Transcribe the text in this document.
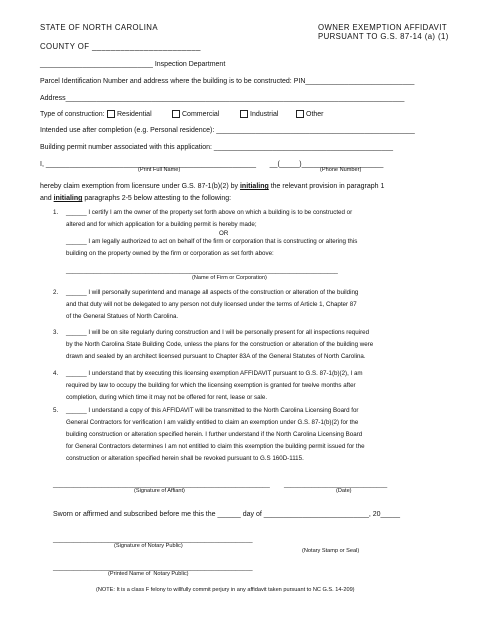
STATE OF NORTH CAROLINA
COUNTY OF _______________________
OWNER EXEMPTION AFFIDAVIT
PURSUANT TO G.S. 87-14 (a) (1)
_____________________________ Inspection Department
Parcel Identification Number and address where the building is to be constructed: PIN____________________________
Address_______________________________________________________________________________________
Type of construction: Residential	Commercial	Industrial	Other
Intended use after completion (e.g. Personal residence): ___________________________________________________
Building permit number associated with this application: ______________________________________________
I, ______________________________________________________       __(_____)_____________________
(Print Full Name)	(Phone Number)
hereby claim exemption from licensure under G.S. 87-1(b)(2) by initialing the relevant provision in paragraph 1
and initialing paragraphs 2-5 below attesting to the following:
1. ______ I certify I am the owner of the property set forth above on which a building is to be constructed or
altered and for which application for a building permit is hereby made;
OR
______ I am legally authorized to act on behalf of the firm or corporation that is constructing or altering this
building on the property owned by the firm or corporation as set forth above:
_______________________________________________________________________________
(Name of Firm or Corporation)
2. ______ I will personally superintend and manage all aspects of the construction or alteration of the building
and that duty will not be delegated to any person not duly licensed under the terms of Article 1, Chapter 87
of the General Statues of North Carolina.
3. ______ I will be on site regularly during construction and I will be personally present for all inspections required
by the North Carolina State Building Code, unless the plans for the construction or alteration of the building were
drawn and sealed by an architect licensed pursuant to Chapter 83A of the General Statutes of North Carolina.
4. ______ I understand that by executing this licensing exemption AFFIDAVIT pursuant to G.S. 87-1(b)(2), I am
required by law to occupy the building for which the licensing exemption is granted for twelve months after
completion, during which time it may not be offered for rent, lease or sale.
5. ______ I understand a copy of this AFFIDAVIT will be transmitted to the North Carolina Licensing Board for
General Contractors for verification I am validly entitled to claim an exemption under G.S. 87-1(b)(2) for the
building construction or alteration specified herein. I further understand if the North Carolina Licensing Board
for General Contractors determines I am not entitled to claim this exemption the building permit issued for the
construction or alteration specified herein shall be revoked pursuant to G.S 160D-1115.
_______________________________________________________________ ______________________________
(Signature of Affiant)	(Date)
Sworn or affirmed and subscribed before me this the ______ day of ___________________________, 20_____
__________________________________________________________
(Signature of Notary Public)
(Notary Stamp or Seal)
__________________________________________________________
(Printed Name of  Notary Public)
(NOTE: It is a class F felony to willfully commit perjury in any affidavit taken pursuant to NC G.S. 14-209)
